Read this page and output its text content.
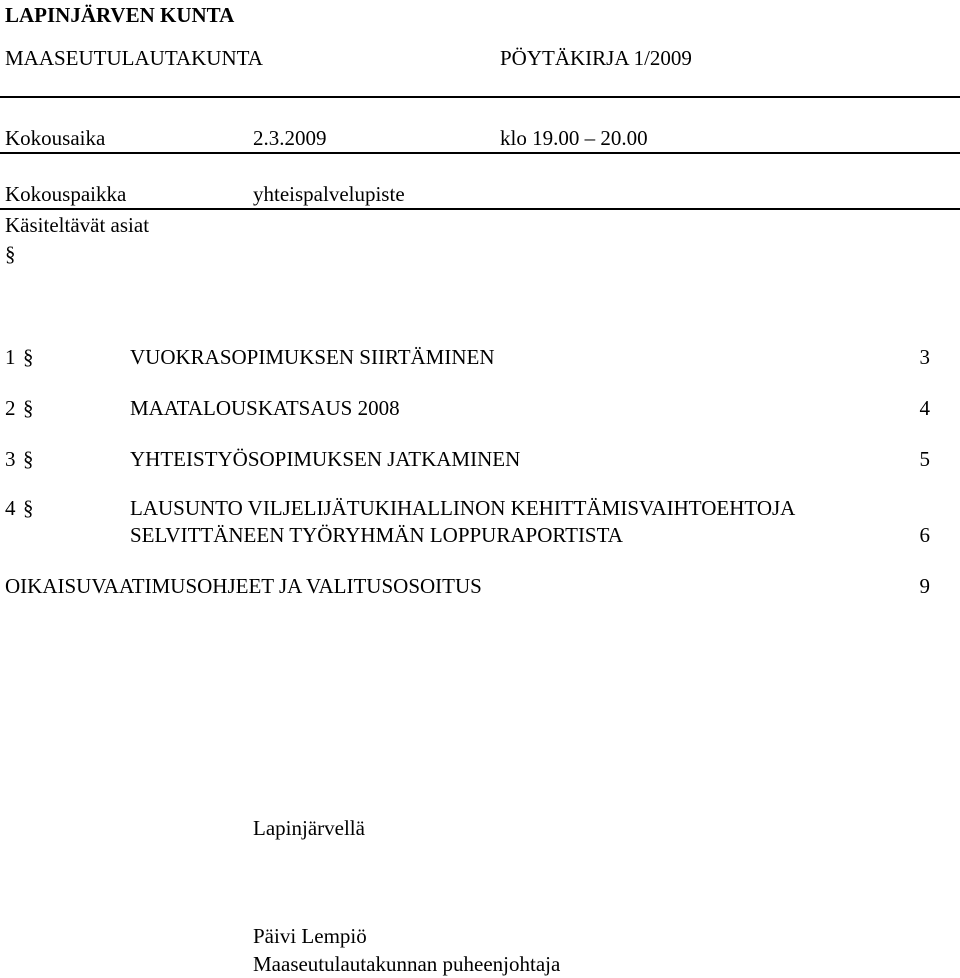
LAPINJÄRVEN KUNTA
MAASEUTULAUTAKUNTA	PÖYTÄKIRJA 1/2009
Kokousaika	2.3.2009	klo 19.00 – 20.00
Kokouspaikka	yhteispalvelupiste
Käsiteltävät asiat
§
1 §	VUOKRASOPIMUKSEN SIIRTÄMINEN	3
2 §	MAATALOUSKATSAUS 2008	4
3 §	YHTEISTYÖSOPIMUKSEN JATKAMINEN	5
4 §	LAUSUNTO VILJELIJÄTUKIHALLINON KEHITTÄMISVAIHTOEHTOJA
SELVITTÄNEEN TYÖRYHMÄN LOPPURAPORTISTA	6
OIKAISUVAATIMUSOHJEET JA VALITUSOSOITUS	9
Lapinjärvellä
Päivi Lempiö
Maaseutulautakunnan puheenjohtaja
